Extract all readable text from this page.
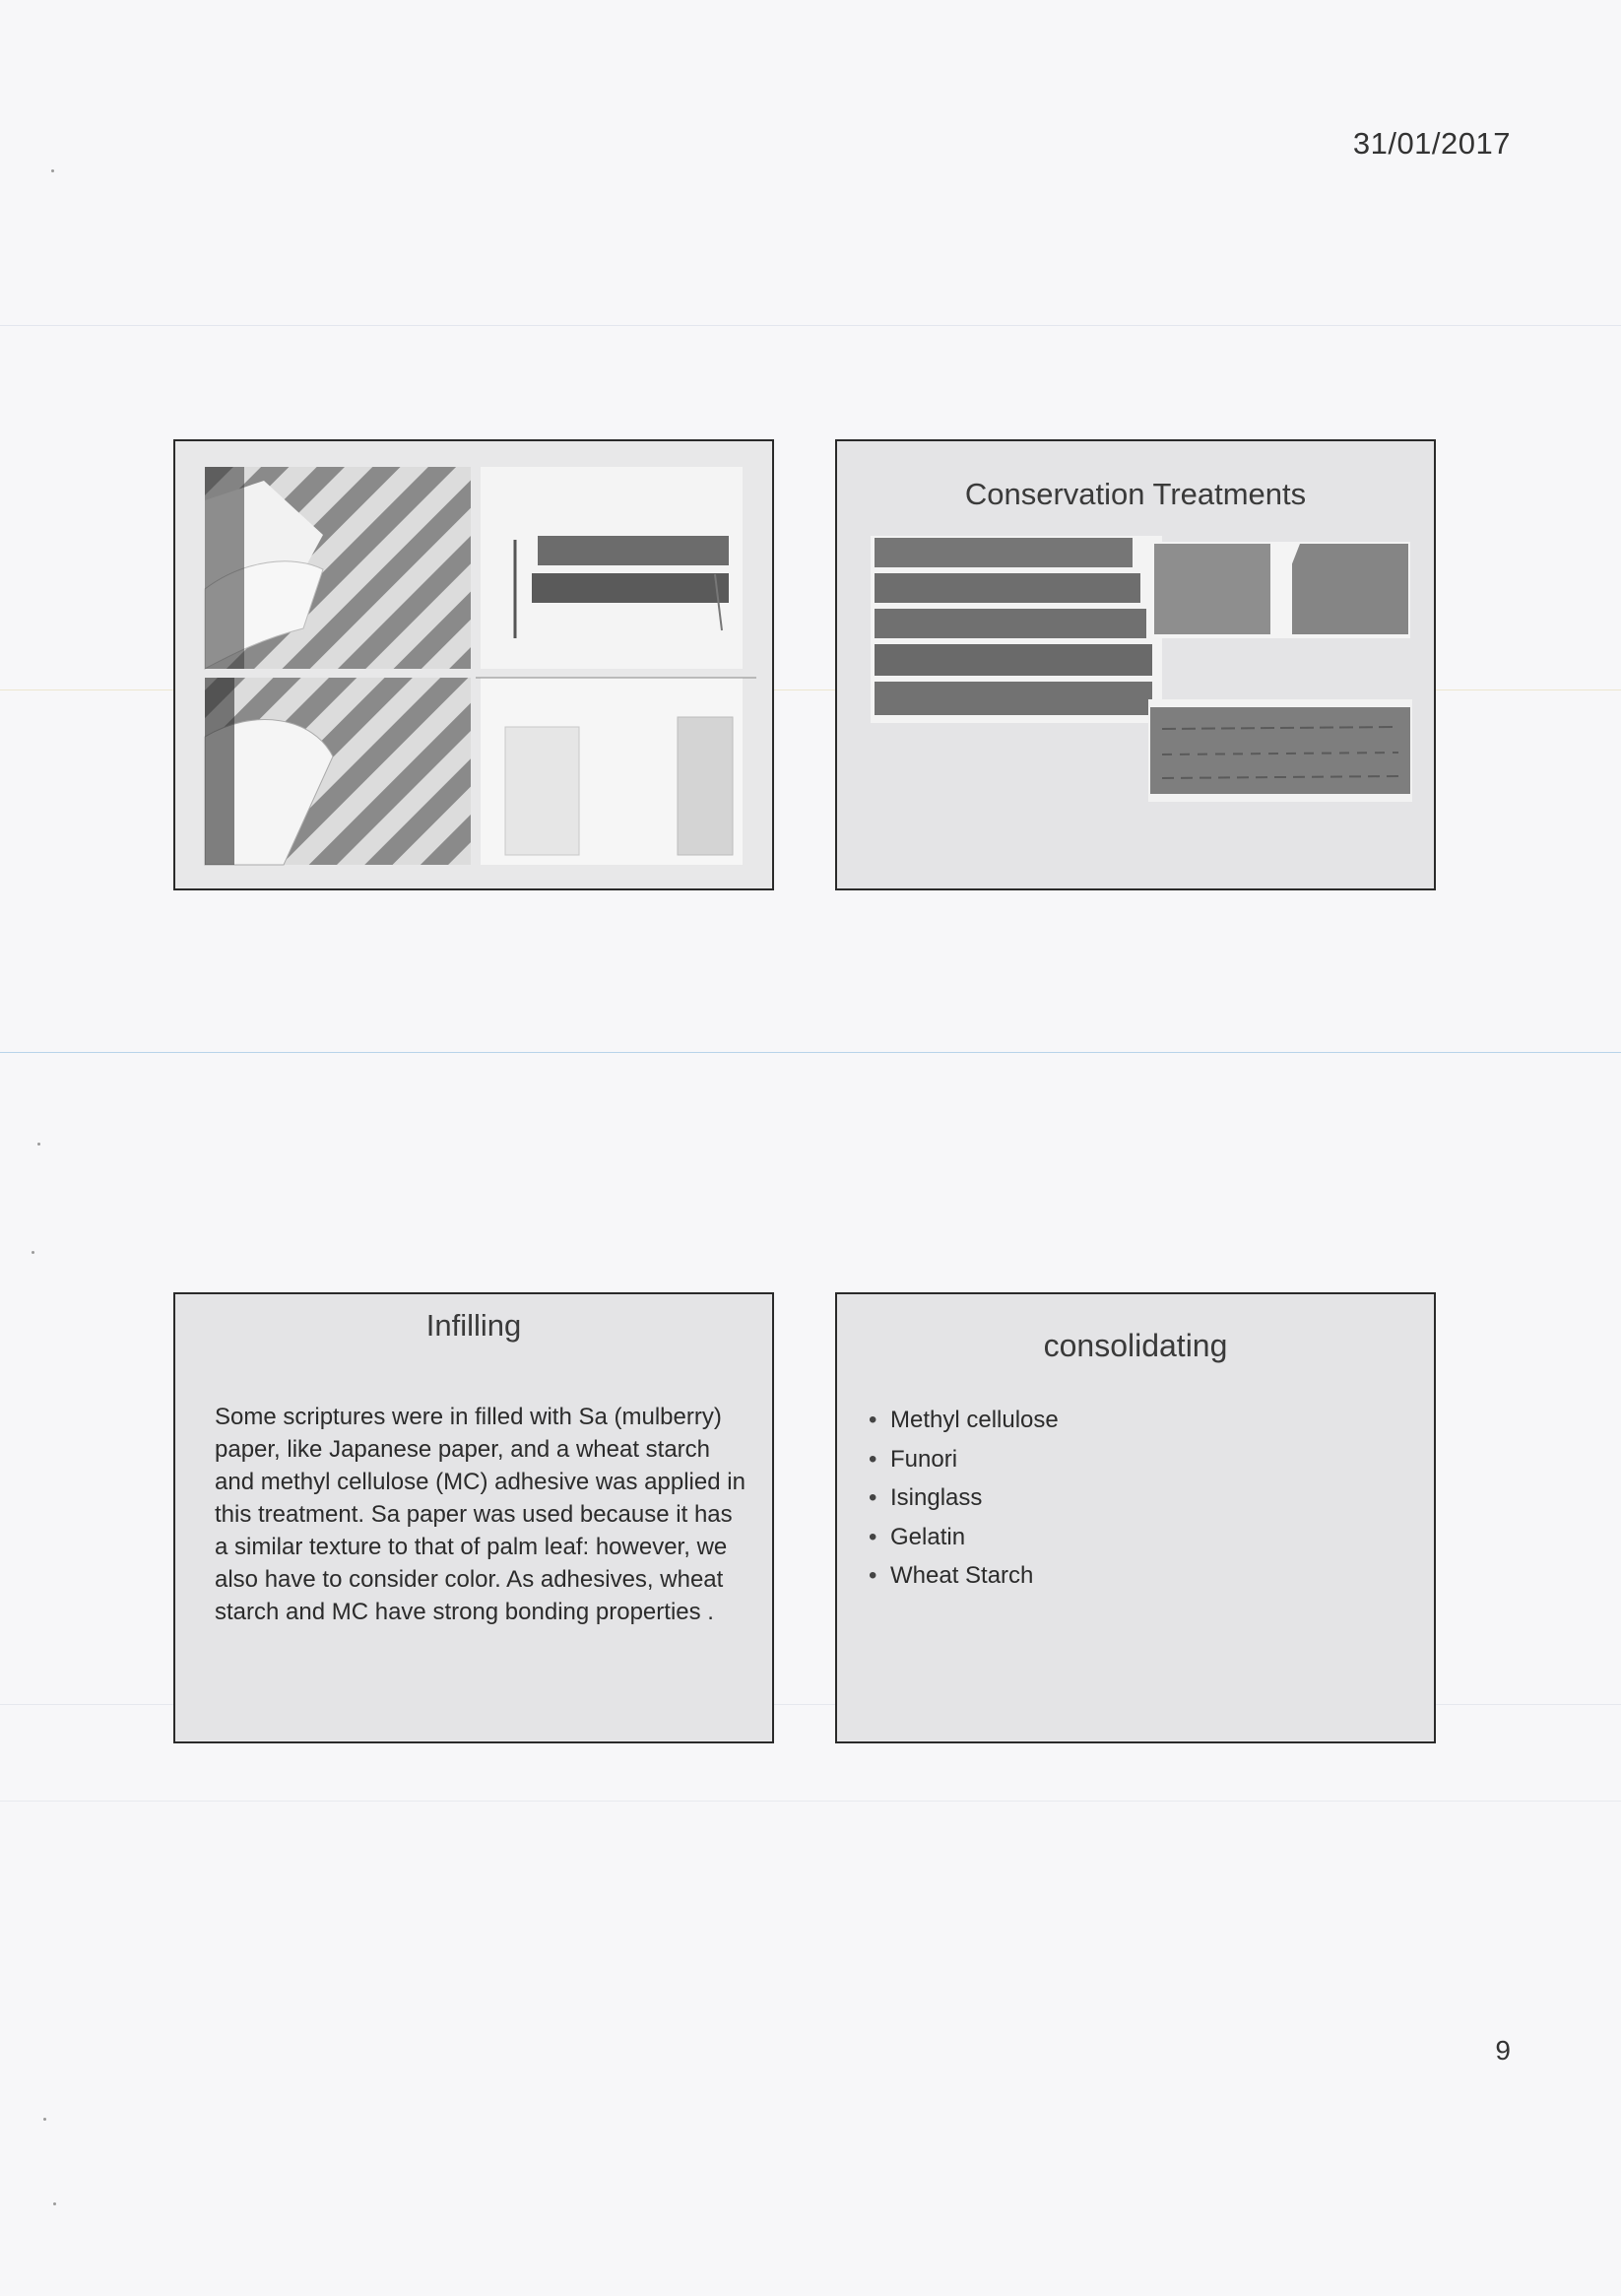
31/01/2017
Conservation Treatments
Infilling
Some scriptures were in filled with Sa (mulberry) paper, like Japanese paper, and a wheat starch and methyl cellulose (MC) adhesive was applied in this treatment. Sa paper was used because it has a similar texture to that of palm leaf: however, we also have to consider color. As adhesives, wheat starch and MC have strong bonding properties .
consolidating
• Methyl cellulose
• Funori
• Isinglass
• Gelatin
• Wheat Starch
9
